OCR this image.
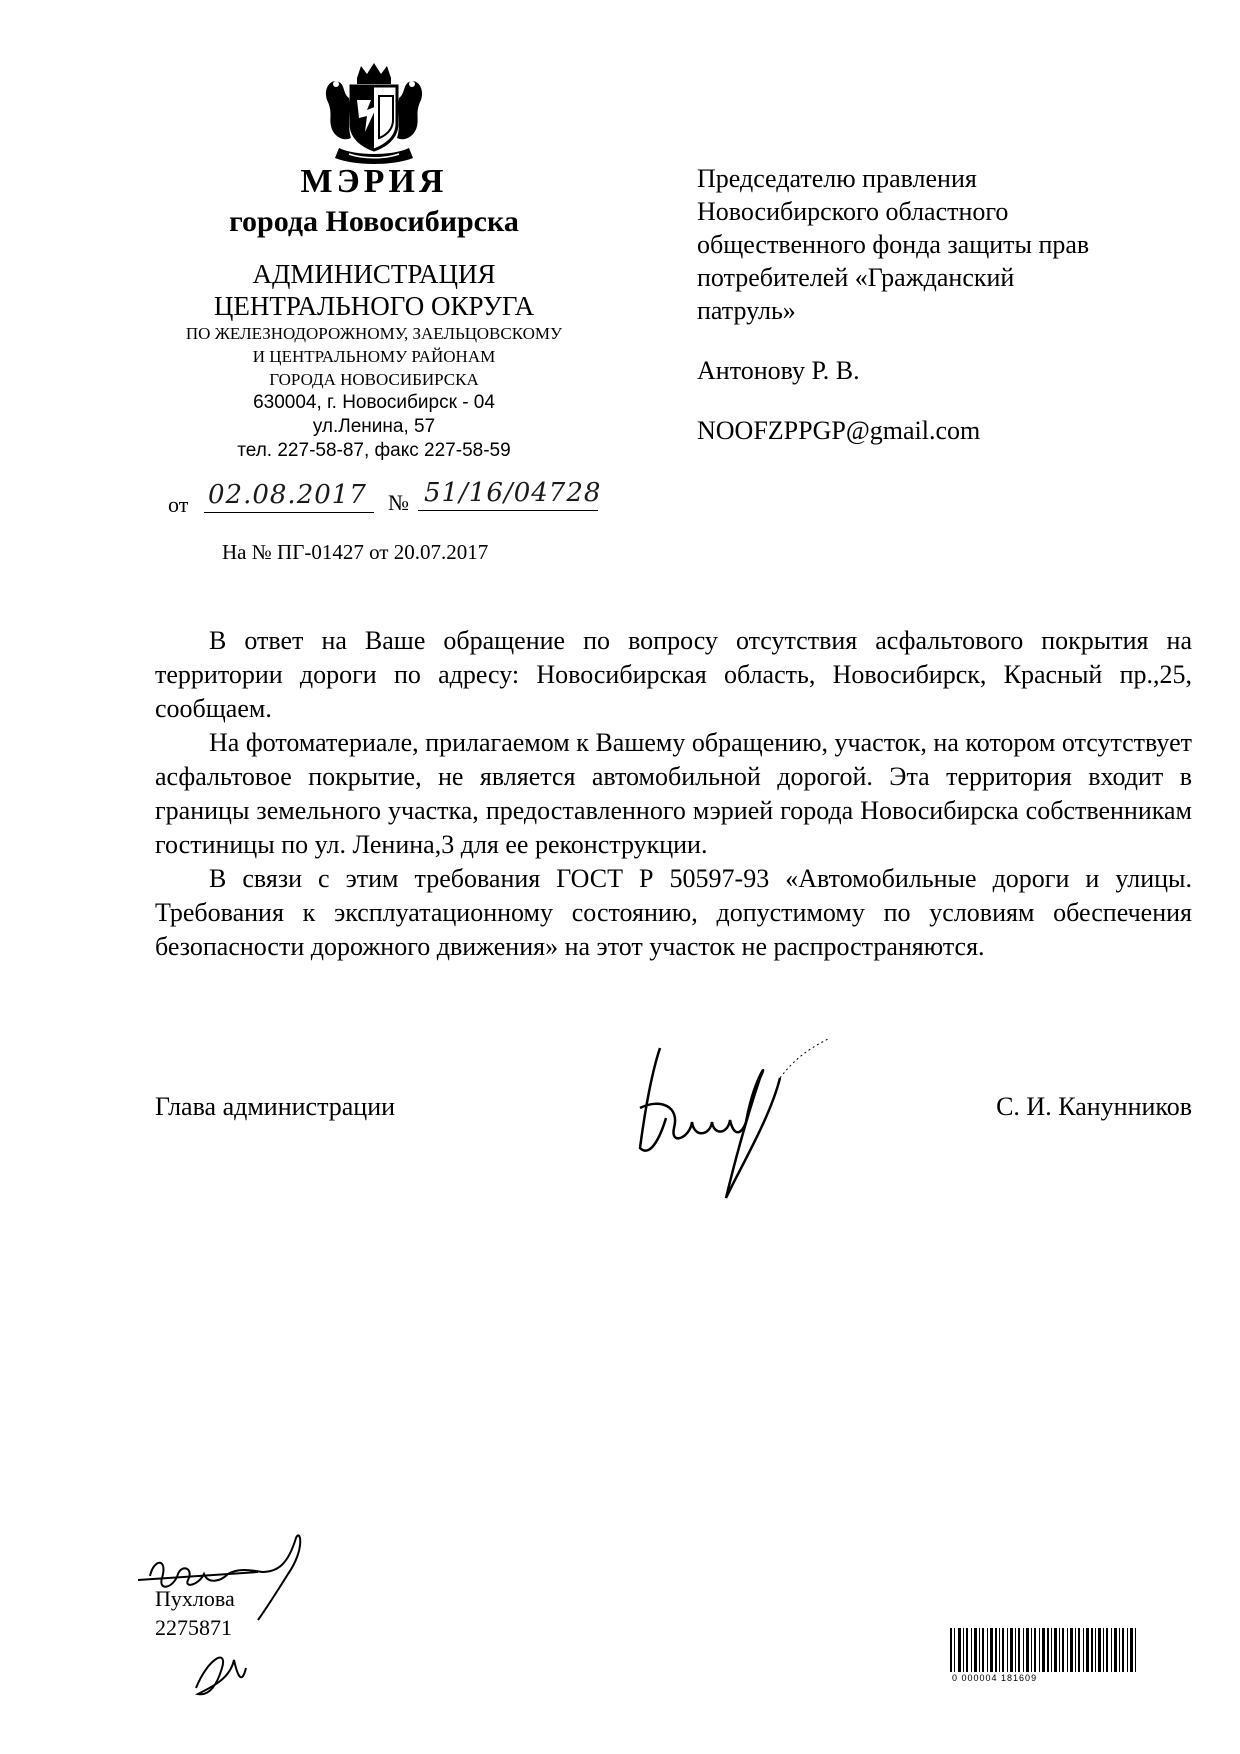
МЭРИЯ
города Новосибирска
АДМИНИСТРАЦИЯ
ЦЕНТРАЛЬНОГО ОКРУГА
ПО ЖЕЛЕЗНОДОРОЖНОМУ, ЗАЕЛЬЦОВСКОМУ
И ЦЕНТРАЛЬНОМУ РАЙОНАМ
ГОРОДА НОВОСИБИРСКА
630004, г. Новосибирск - 04
ул.Ленина, 57
тел. 227-58-87, факс 227-58-59
Председателю правления
Новосибирского областного
общественного фонда защиты прав
потребителей «Гражданский
патруль»
Антонову Р. В.
NOOFZPPGP@gmail.com
от 02.08.2017 № 51/16/04728
На № ПГ-01427 от 20.07.2017

В ответ на Ваше обращение по вопросу отсутствия асфальтового покрытия на территории дороги по адресу: Новосибирская область, Новосибирск, Красный пр.,25, сообщаем.

На фотоматериале, прилагаемом к Вашему обращению, участок, на котором отсутствует асфальтовое покрытие, не является автомобильной дорогой. Эта территория входит в границы земельного участка, предоставленного мэрией города Новосибирска собственникам гостиницы по ул. Ленина,3 для ее реконструкции.

В связи с этим требования ГОСТ Р 50597-93 «Автомобильные дороги и улицы. Требования к эксплуатационному состоянию, допустимому по условиям обеспечения безопасности дорожного движения» на этот участок не распространяются.

Глава администрации	С. И. Канунников
Пухлова
2275871
0 000004 181609
